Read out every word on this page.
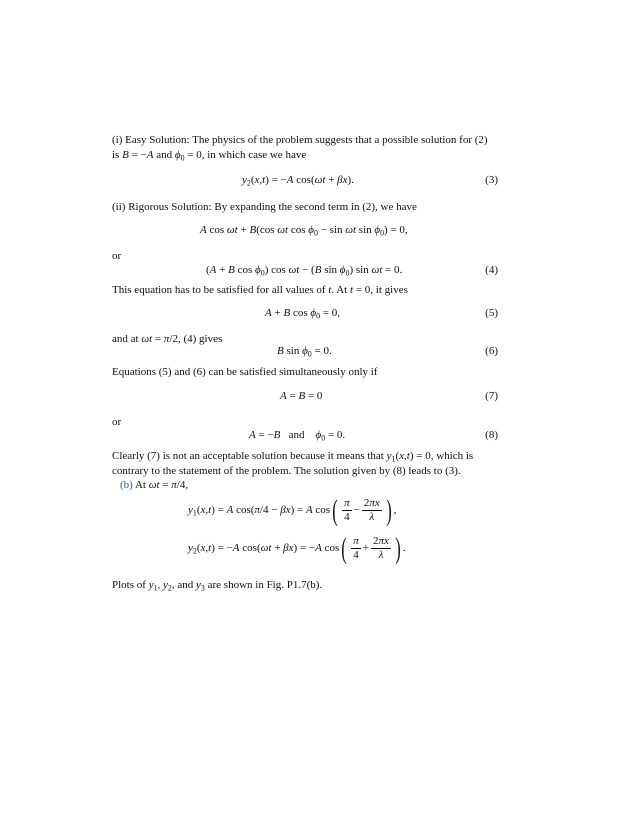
(i) Easy Solution: The physics of the problem suggests that a possible solution for (2)
is B = −A and $\phi_0 = 0$, in which case we have
$y_2(x,t) = -A$ cos(ωt + βx).	(3)
(ii) Rigorous Solution: By expanding the second term in (2), we have
A cos ωt + B(cos ωt $\cos \phi_0 - \sin \omega t$ $\sin \phi_0) = 0$,
or
(A + B $\cos \phi_0$) cos ωt − (B $\sin \phi_0$) sin ωt = 0.	(4)
This equation has to be satisfied for all values of t. At t = 0, it gives
A + B $\cos \phi_0 = 0$,	(5)
and at ωt = π/2, (4) gives
B $\sin \phi_0 = 0$.	(6)
Equations (5) and (6) can be satisfied simultaneously only if
A = B = 0	(7)
or
A = −B and $\phi_0 = 0$.	(8)
Clearly (7) is not an acceptable solution because it means that $y_1(x,t) = 0$, which is
contrary to the statement of the problem. The solution given by (8) leads to (3).
(b) At ωt = π/4,
$y_1(x,t) = A$ cos(π/4 − βx) = A $\cos( \frac{\pi}{4} - \frac{2\pi x}{\lambda}$ ) ,
$y_2(x,t) = -A$ cos(ωt + βx) = −A $\cos( \frac{\pi}{4} + \frac{2\pi x}{\lambda}$ ) .
Plots of $y_1$, $y_2$, and $y_3$ are shown in Fig. P1.7(b).
